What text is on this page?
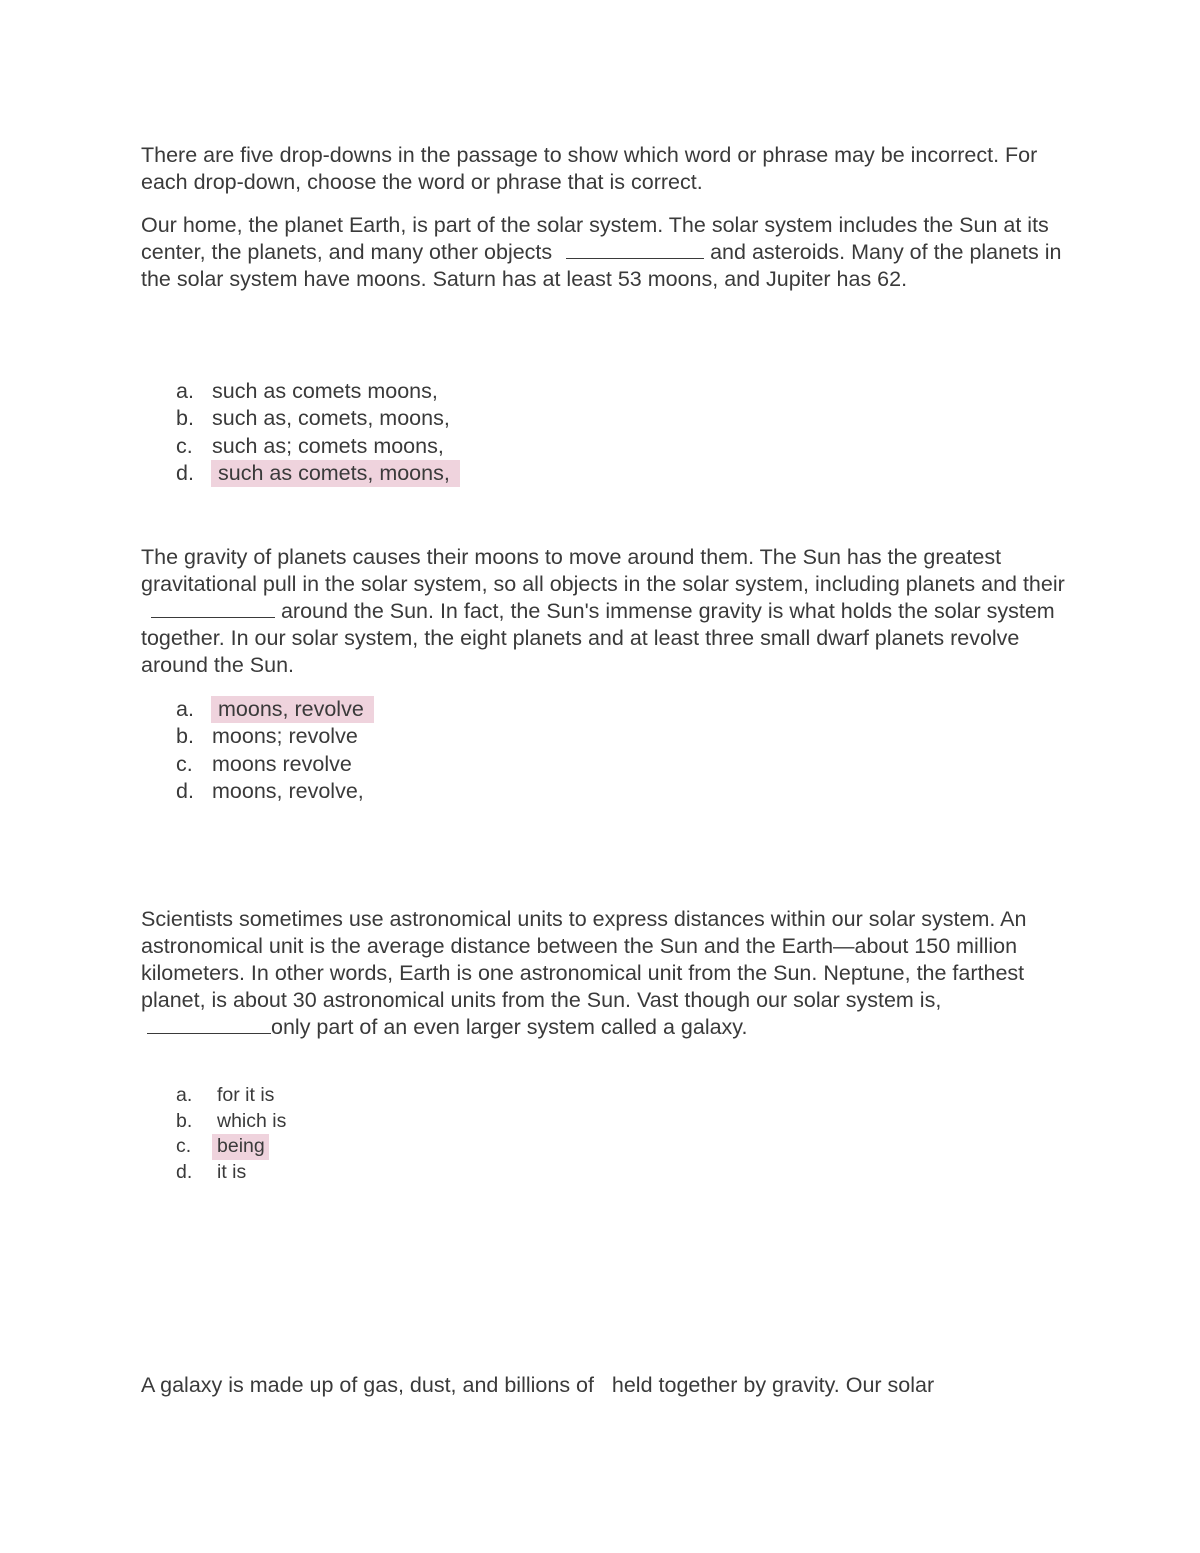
There are five drop-downs in the passage to show which word or phrase may be incorrect. For each drop-down, choose the word or phrase that is correct.

Our home, the planet Earth, is part of the solar system. The solar system includes the Sun at its center, the planets, and many other objects	and asteroids. Many of the planets in the solar system have moons. Saturn has at least 53 moons, and Jupiter has 62.

a. such as comets moons,
b. such as, comets, moons,
c. such as; comets moons,
d. such as comets, moons,

The gravity of planets causes their moons to move around them. The Sun has the greatest gravitational pull in the solar system, so all objects in the solar system, including planets and their  around the Sun. In fact, the Sun's immense gravity is what holds the solar system together. In our solar system, the eight planets and at least three small dwarf planets revolve around the Sun.

a. moons, revolve
b. moons; revolve
c. moons revolve
d. moons, revolve,

Scientists sometimes use astronomical units to express distances within our solar system. An astronomical unit is the average distance between the Sun and the Earth—about 150 million kilometers. In other words, Earth is one astronomical unit from the Sun. Neptune, the farthest planet, is about 30 astronomical units from the Sun. Vast though our solar system is, only part of an even larger system called a galaxy.

a. for it is
b. which is
c. being
d. it is

A galaxy is made up of gas, dust, and billions of   held together by gravity. Our solar
